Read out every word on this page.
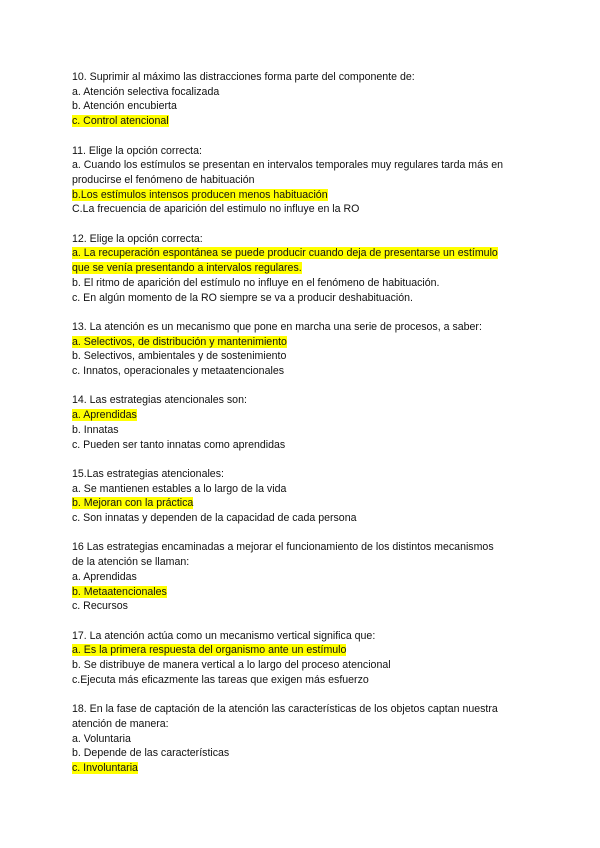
10. Suprimir al máximo las distracciones forma parte del componente de:
a. Atención selectiva focalizada
b. Atención encubierta
c. Control atencional
11. Elige la opción correcta:
a. Cuando los estímulos se presentan en intervalos temporales muy regulares tarda más en
producirse el fenómeno de habituación
b.Los estímulos intensos producen menos habituación
C.La frecuencia de aparición del estimulo no influye en la RO
12. Elige la opción correcta:
a. La recuperación espontánea se puede producir cuando deja de presentarse un estímulo
que se venía presentando a intervalos regulares.
b. El ritmo de aparición del estímulo no influye en el fenómeno de habituación.
c. En algún momento de la RO siempre se va a producir deshabituación.
13. La atención es un mecanismo que pone en marcha una serie de procesos, a saber:
a. Selectivos, de distribución y mantenimiento
b. Selectivos, ambientales y de sostenimiento
c. Innatos, operacionales y metaatencionales
14. Las estrategias atencionales son:
a. Aprendidas
b. Innatas
c. Pueden ser tanto innatas como aprendidas
15.Las estrategias atencionales:
a. Se mantienen estables a lo largo de la vida
b. Mejoran con la práctica
c. Son innatas y dependen de la capacidad de cada persona
16 Las estrategias encaminadas a mejorar el funcionamiento de los distintos mecanismos
de la atención se llaman:
a. Aprendidas
b. Metaatencionales
c. Recursos
17. La atención actúa como un mecanismo vertical significa que:
a. Es la primera respuesta del organismo ante un estímulo
b. Se distribuye de manera vertical a lo largo del proceso atencional
c.Ejecuta más eficazmente las tareas que exigen más esfuerzo
18. En la fase de captación de la atención las características de los objetos captan nuestra
atención de manera:
a. Voluntaria
b. Depende de las características
c. Involuntaria
